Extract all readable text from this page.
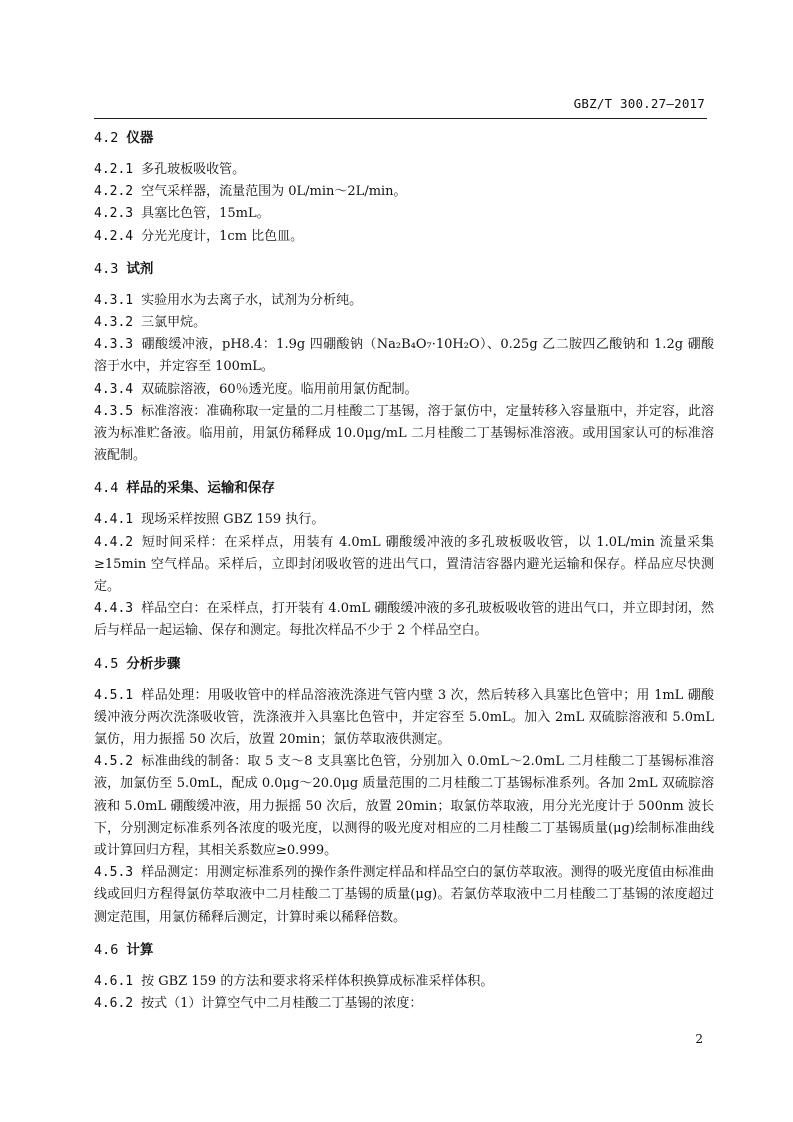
GBZ/T 300.27—2017

4.2 仪器

4.2.1 多孔玻板吸收管。

4.2.2 空气采样器，流量范围为 0L/min～2L/min。

4.2.3 具塞比色管，15mL。

4.2.4 分光光度计，1cm 比色皿。

4.3 试剂

4.3.1 实验用水为去离子水，试剂为分析纯。

4.3.2 三氯甲烷。

4.3.3 硼酸缓冲液，pH8.4：1.9g 四硼酸钠（Na₂B₄O₇·10H₂O）、0.25g 乙二胺四乙酸钠和 1.2g 硼酸溶于水中，并定容至 100mL。

4.3.4 双硫腙溶液，60％透光度。临用前用氯仿配制。

4.3.5 标准溶液：准确称取一定量的二月桂酸二丁基锡，溶于氯仿中，定量转移入容量瓶中，并定容，此溶液为标准贮备液。临用前，用氯仿稀释成 10.0μg/mL 二月桂酸二丁基锡标准溶液。或用国家认可的标准溶液配制。

4.4 样品的采集、运输和保存

4.4.1 现场采样按照 GBZ 159 执行。

4.4.2 短时间采样：在采样点，用装有 4.0mL 硼酸缓冲液的多孔玻板吸收管，以 1.0L/min 流量采集≥15min 空气样品。采样后，立即封闭吸收管的进出气口，置清洁容器内避光运输和保存。样品应尽快测定。

4.4.3 样品空白：在采样点，打开装有 4.0mL 硼酸缓冲液的多孔玻板吸收管的进出气口，并立即封闭，然后与样品一起运输、保存和测定。每批次样品不少于 2 个样品空白。

4.5 分析步骤

4.5.1 样品处理：用吸收管中的样品溶液洗涤进气管内壁 3 次，然后转移入具塞比色管中；用 1mL 硼酸缓冲液分两次洗涤吸收管，洗涤液并入具塞比色管中，并定容至 5.0mL。加入 2mL 双硫腙溶液和 5.0mL 氯仿，用力振摇 50 次后，放置 20min；氯仿萃取液供测定。

4.5.2 标准曲线的制备：取 5 支～8 支具塞比色管，分别加入 0.0mL～2.0mL 二月桂酸二丁基锡标准溶液，加氯仿至 5.0mL，配成 0.0μg～20.0μg 质量范围的二月桂酸二丁基锡标准系列。各加 2mL 双硫腙溶液和 5.0mL 硼酸缓冲液，用力振摇 50 次后，放置 20min；取氯仿萃取液，用分光光度计于 500nm 波长下，分别测定标准系列各浓度的吸光度，以测得的吸光度对相应的二月桂酸二丁基锡质量(μg)绘制标准曲线或计算回归方程，其相关系数应≥0.999。

4.5.3 样品测定：用测定标准系列的操作条件测定样品和样品空白的氯仿萃取液。测得的吸光度值由标准曲线或回归方程得氯仿萃取液中二月桂酸二丁基锡的质量(μg)。若氯仿萃取液中二月桂酸二丁基锡的浓度超过测定范围，用氯仿稀释后测定，计算时乘以稀释倍数。

4.6 计算

4.6.1 按 GBZ 159 的方法和要求将采样体积换算成标准采样体积。

4.6.2 按式（1）计算空气中二月桂酸二丁基锡的浓度：

2
